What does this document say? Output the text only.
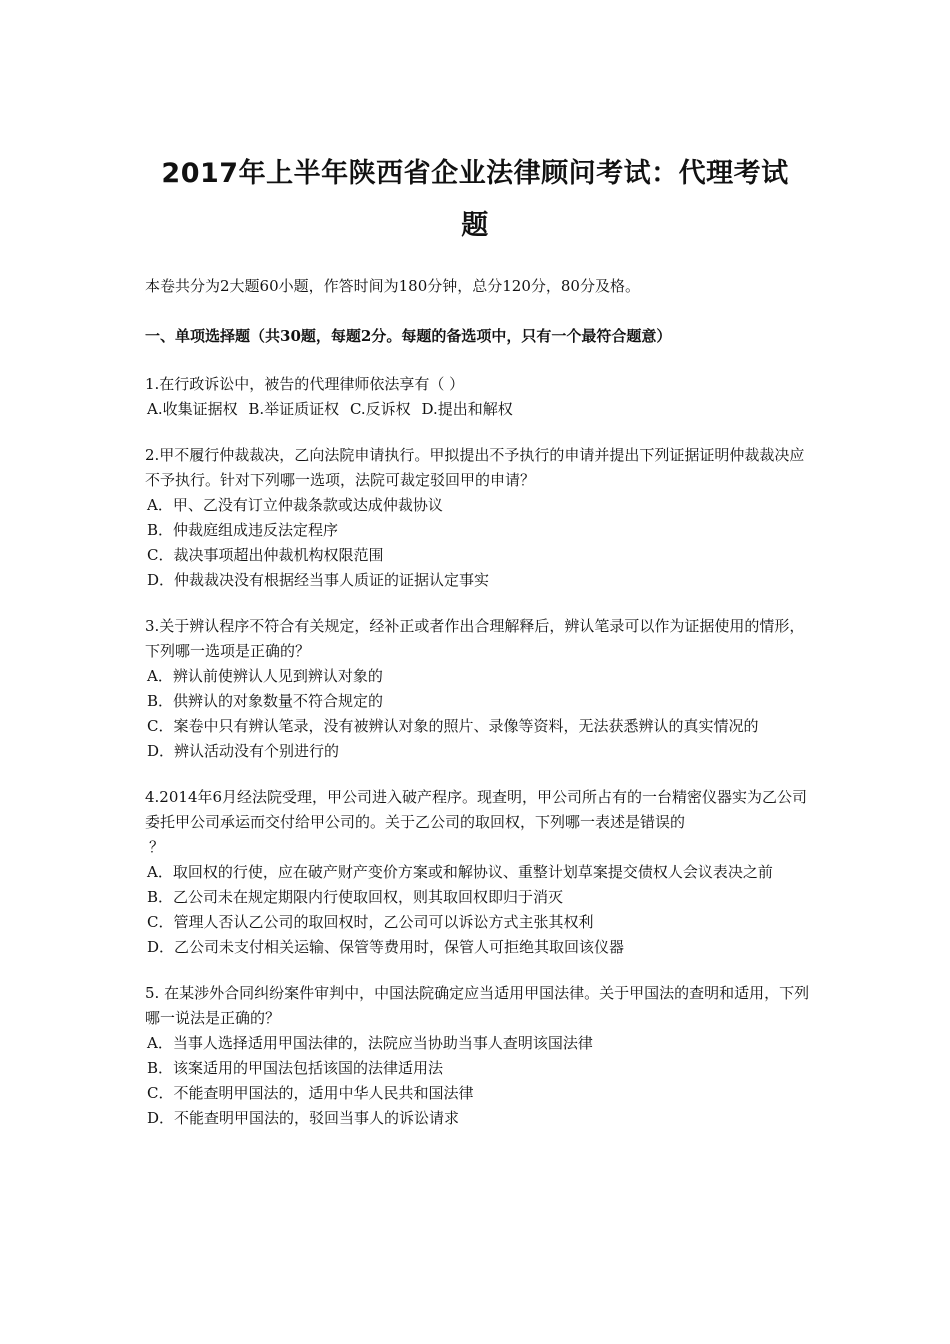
2017年上半年陕西省企业法律顾问考试：代理考试
题
本卷共分为2大题60小题，作答时间为180分钟，总分120分，80分及格。
一、单项选择题（共30题，每题2分。每题的备选项中，只有一个最符合题意）

1.在行政诉讼中，被告的代理律师依法享有（ ）

A.收集证据权 B.举证质证权 C.反诉权 D.提出和解权

2.甲不履行仲裁裁决，乙向法院申请执行。甲拟提出不予执行的申请并提出下列证据证明仲裁裁决应不予执行。针对下列哪一选项，法院可裁定驳回甲的申请？

A．甲、乙没有订立仲裁条款或达成仲裁协议

B．仲裁庭组成违反法定程序

C．裁决事项超出仲裁机构权限范围

D．仲裁裁决没有根据经当事人质证的证据认定事实

3.关于辨认程序不符合有关规定，经补正或者作出合理解释后，辨认笔录可以作为证据使用的情形，下列哪一选项是正确的？

A．辨认前使辨认人见到辨认对象的

B．供辨认的对象数量不符合规定的

C．案卷中只有辨认笔录，没有被辨认对象的照片、录像等资料，无法获悉辨认的真实情况的

D．辨认活动没有个别进行的

4.2014年6月经法院受理，甲公司进入破产程序。现查明，甲公司所占有的一台精密仪器实为乙公司委托甲公司承运而交付给甲公司的。关于乙公司的取回权，下列哪一表述是错误的

？

A．取回权的行使，应在破产财产变价方案或和解协议、重整计划草案提交债权人会议表决之前

B．乙公司未在规定期限内行使取回权，则其取回权即归于消灭

C．管理人否认乙公司的取回权时，乙公司可以诉讼方式主张其权利

D．乙公司未支付相关运输、保管等费用时，保管人可拒绝其取回该仪器

5. 在某涉外合同纠纷案件审判中，中国法院确定应当适用甲国法律。关于甲国法的查明和适用，下列哪一说法是正确的？

A．当事人选择适用甲国法律的，法院应当协助当事人查明该国法律

B．该案适用的甲国法包括该国的法律适用法

C．不能查明甲国法的，适用中华人民共和国法律

D．不能查明甲国法的，驳回当事人的诉讼请求
